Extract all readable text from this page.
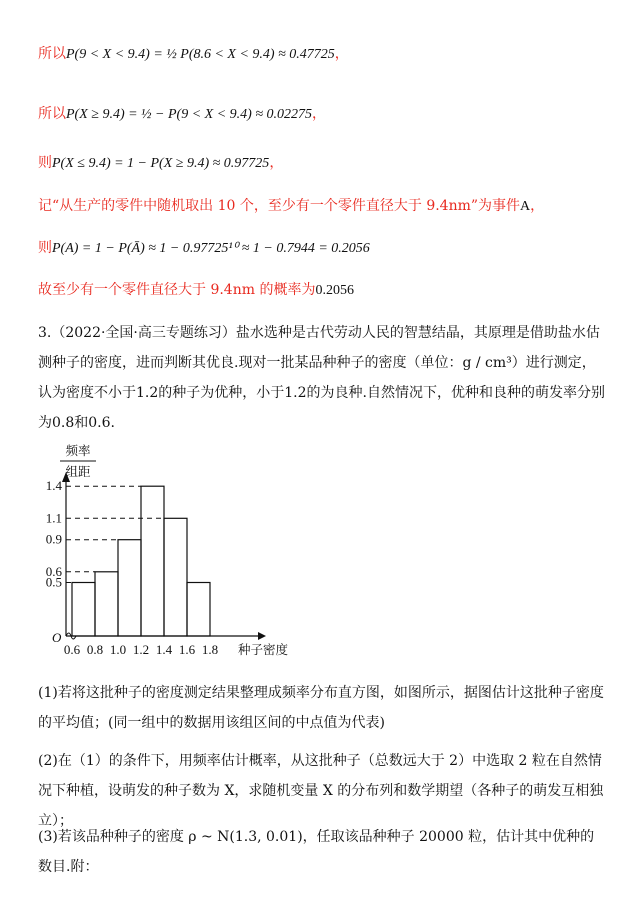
所以P(9 < X < 9.4) = ½ P(8.6 < X < 9.4) ≈ 0.47725，
所以P(X ≥ 9.4) = ½ − P(9 < X < 9.4) ≈ 0.02275，
则P(X ≤ 9.4) = 1 − P(X ≥ 9.4) ≈ 0.97725，
记“从生产的零件中随机取出 10 个，至少有一个零件直径大于 9.4nm”为事件A，
则P(A) = 1 − P(Ā) ≈ 1 − 0.97725¹⁰ ≈ 1 − 0.7944 = 0.2056
故至少有一个零件直径大于 9.4nm 的概率为0.2056
3.（2022·全国·高三专题练习）盐水选种是古代劳动人民的智慧结晶，其原理是借助盐水估测种子的密度，进而判断其优良.现对一批某品种种子的密度（单位：g / cm³）进行测定，认为密度不小于1.2的种子为优种，小于1.2的为良种.自然情况下，优种和良种的萌发率分别为0.8和0.6.
0.5
0.6
0.9
1.1
1.4
0.6 0.8 1.0 1.2 1.4 1.6 1.8
O
频率
组距
种子密度
(1)若将这批种子的密度测定结果整理成频率分布直方图，如图所示，据图估计这批种子密度的平均值；(同一组中的数据用该组区间的中点值为代表)
(2)在（1）的条件下，用频率估计概率，从这批种子（总数远大于 2）中选取 2 粒在自然情况下种植，设萌发的种子数为 X，求随机变量 X 的分布列和数学期望（各种子的萌发互相独立）；
(3)若该品种种子的密度 ρ ~ N(1.3, 0.01)，任取该品种种子 20000 粒，估计其中优种的数目.附：
